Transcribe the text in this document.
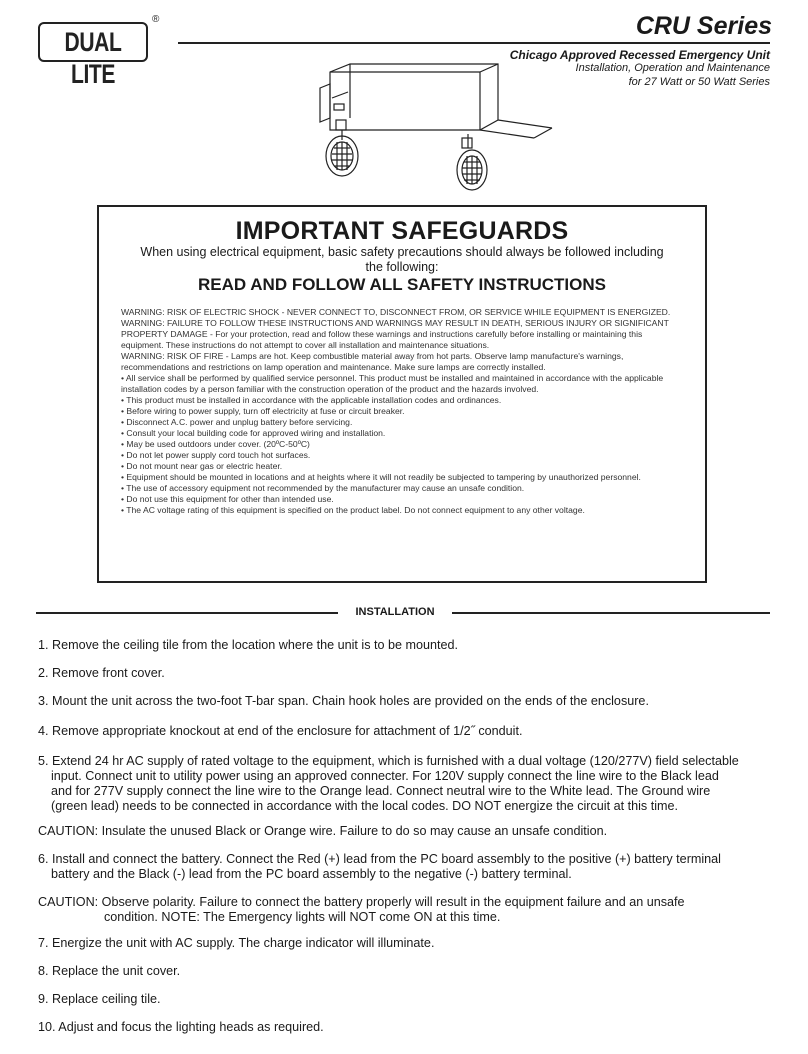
DUAL LITE
®	CRU Series
Chicago Approved Recessed Emergency Unit
Installation, Operation and Maintenance
for 27 Watt or 50 Watt Series
IMPORTANT SAFEGUARDS
When using electrical equipment, basic safety precautions should always be followed including the following:
READ AND FOLLOW ALL SAFETY INSTRUCTIONS

WARNING: RISK OF ELECTRIC SHOCK - NEVER CONNECT TO, DISCONNECT FROM, OR SERVICE WHILE EQUIPMENT IS ENERGIZED.

WARNING: FAILURE TO FOLLOW THESE INSTRUCTIONS AND WARNINGS MAY RESULT IN DEATH, SERIOUS INJURY OR SIGNIFICANT PROPERTY DAMAGE - For your protection, read and follow these warnings and instructions carefully before installing or maintaining this equipment. These instructions do not attempt to cover all installation and maintenance situations.

WARNING: RISK OF FIRE - Lamps are hot. Keep combustible material away from hot parts. Observe lamp manufacture's warnings, recommendations and restrictions on lamp operation and maintenance. Make sure lamps are correctly installed.

• All service shall be performed by qualified service personnel. This product must be installed and maintained in accordance with the applicable installation codes by a person familiar with the construction operation of the product and the hazards involved.

• This product must be installed in accordance with the applicable installation codes and ordinances.

• Before wiring to power supply, turn off electricity at fuse or circuit breaker.

• Disconnect A.C. power and unplug battery before servicing.

• Consult your local building code for approved wiring and installation.

• May be used outdoors under cover. (20ºC-50ºC)

• Do not let power supply cord touch hot surfaces.

• Do not mount near gas or electric heater.

• Equipment should be mounted in locations and at heights where it will not readily be subjected to tampering by unauthorized personnel.

• The use of accessory equipment not recommended by the manufacturer may cause an unsafe condition.

• Do not use this equipment for other than intended use.

• The AC voltage rating of this equipment is specified on the product label. Do not connect equipment to any other voltage.

INSTALLATION

1. Remove the ceiling tile from the location where the unit is to be mounted.

2. Remove front cover.

3. Mount the unit across the two-foot T-bar span. Chain hook holes are provided on the ends of the enclosure.

4. Remove appropriate knockout at end of the enclosure for attachment of 1/2˝ conduit.

5. Extend 24 hr AC supply of rated voltage to the equipment, which is furnished with a dual voltage (120/277V) field selectable
input. Connect unit to utility power using an approved connecter. For 120V supply connect the line wire to the Black lead
and for 277V supply connect the line wire to the Orange lead. Connect neutral wire to the White lead. The Ground wire
(green lead) needs to be connected in accordance with the local codes. DO NOT energize the circuit at this time.

CAUTION: Insulate the unused Black or Orange wire. Failure to do so may cause an unsafe condition.

6. Install and connect the battery. Connect the Red (+) lead from the PC board assembly to the positive (+) battery terminal
battery and the Black (-) lead from the PC board assembly to the negative (-) battery terminal.
CAUTION: Observe polarity. Failure to connect the battery properly will result in the equipment failure and an unsafe
condition. NOTE: The Emergency lights will NOT come ON at this time.

7. Energize the unit with AC supply. The charge indicator will illuminate.

8. Replace the unit cover.

9. Replace ceiling tile.

10. Adjust and focus the lighting heads as required.
